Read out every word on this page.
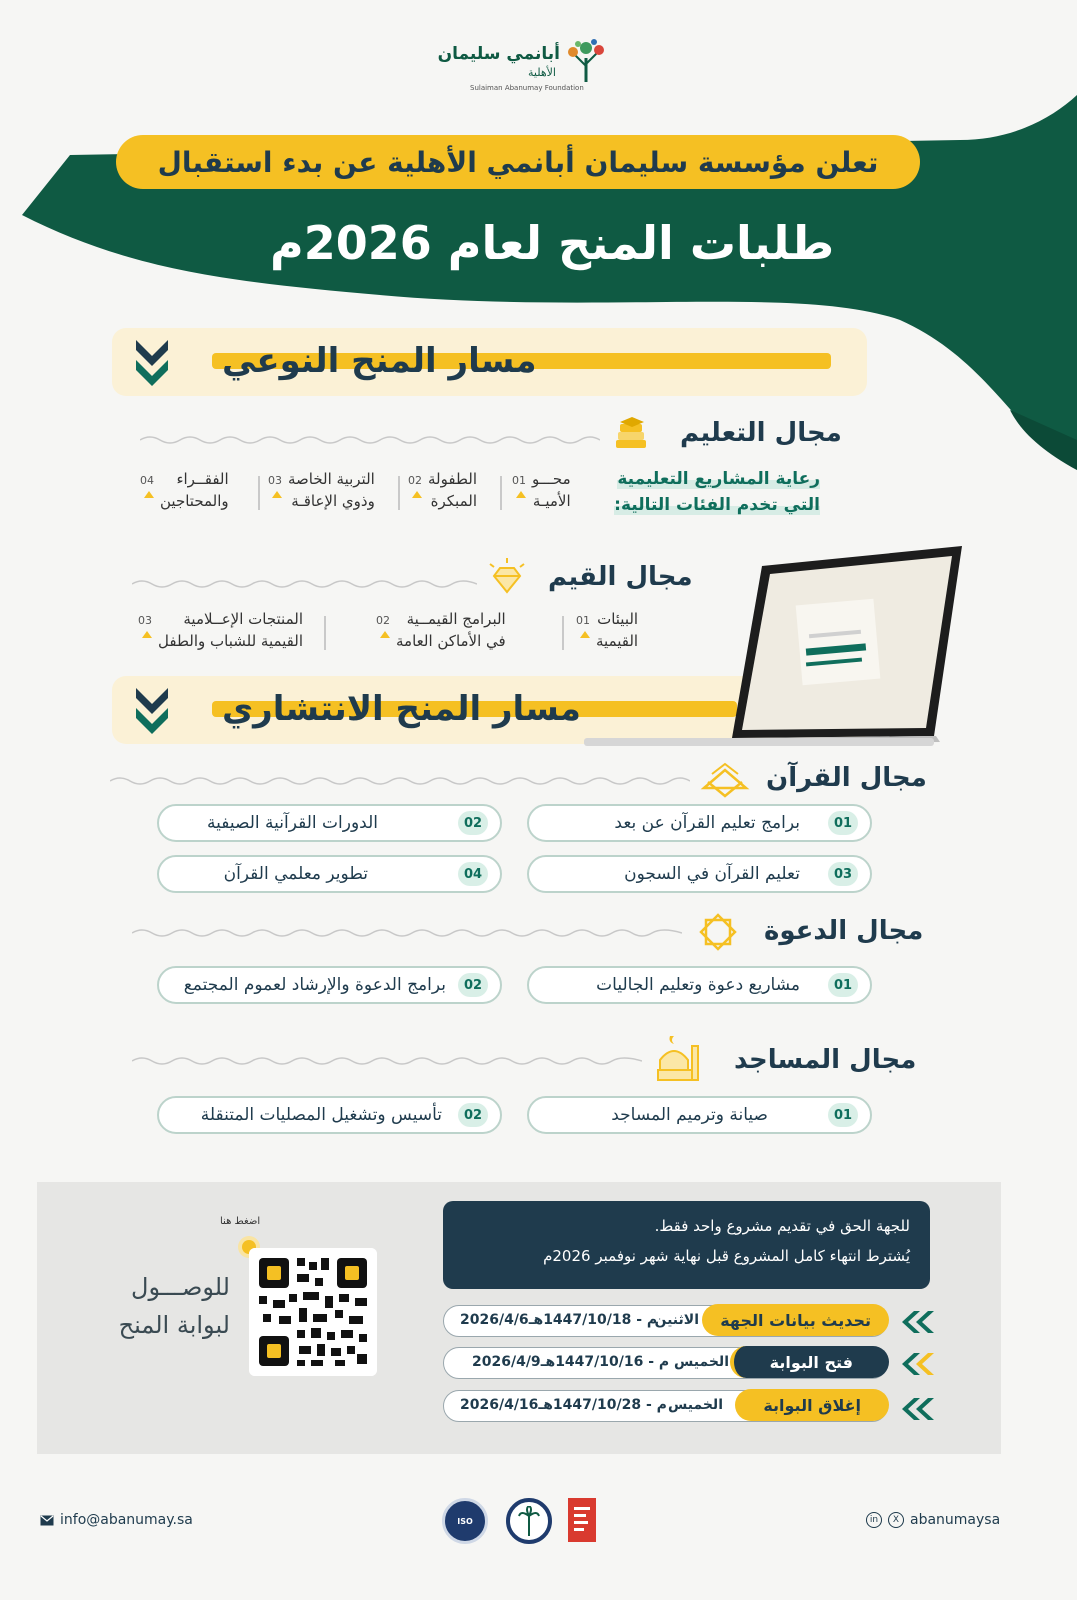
أبانمي سليمان
الأهلية
Sulaiman Abanumay Foundation
تعلن مؤسسة سليمان أبانمي الأهلية عن بدء استقبال
طلبات المنح لعام 2026م
مسار المنح النوعي
مجال التعليم
رعاية المشاريع التعليمية
التي تخدم الفئات التالية:
محـــو
الأميـة
01
الطفولة
المبكرة
02
التربية الخاصة
وذوي الإعاقـة
03
الفقــراء
والمحتاجين
04
مجال القيم
البيئات
القيمية
01
البرامج القيمــية
في الأماكن العامة
02
المنتجات الإعــلامية
القيمية للشباب والطفل
03
مسار المنح الانتشاري
مجال القرآن
01
برامج تعليم القرآن عن بعد
02
الدورات القرآنية الصيفية
03
تعليم القرآن في السجون
04
تطوير معلمي القرآن
مجال الدعوة
01
مشاريع دعوة وتعليم الجاليات
02
برامج الدعوة والإرشاد لعموم المجتمع
مجال المساجد
01
صيانة وترميم المساجد
02
تأسيس وتشغيل المصليات المتنقلة
للجهة الحق في تقديم مشروع واحد فقط.
يُشترط انتهاء كامل المشروع قبل نهاية شهر نوفمبر 2026م
تحديث بيانات الجهة
الاثنين
2026/4/6م - 1447/10/18هـ
فتح البوابة
الخميس
2026/4/9م - 1447/10/16هـ
إغلاق البوابة
الخميس
2026/4/16م - 1447/10/28هـ
اضغط هنا
للوصـــول
لبوابة المنح
info@abanumay.sa	ISO	in	X abanumaysa
